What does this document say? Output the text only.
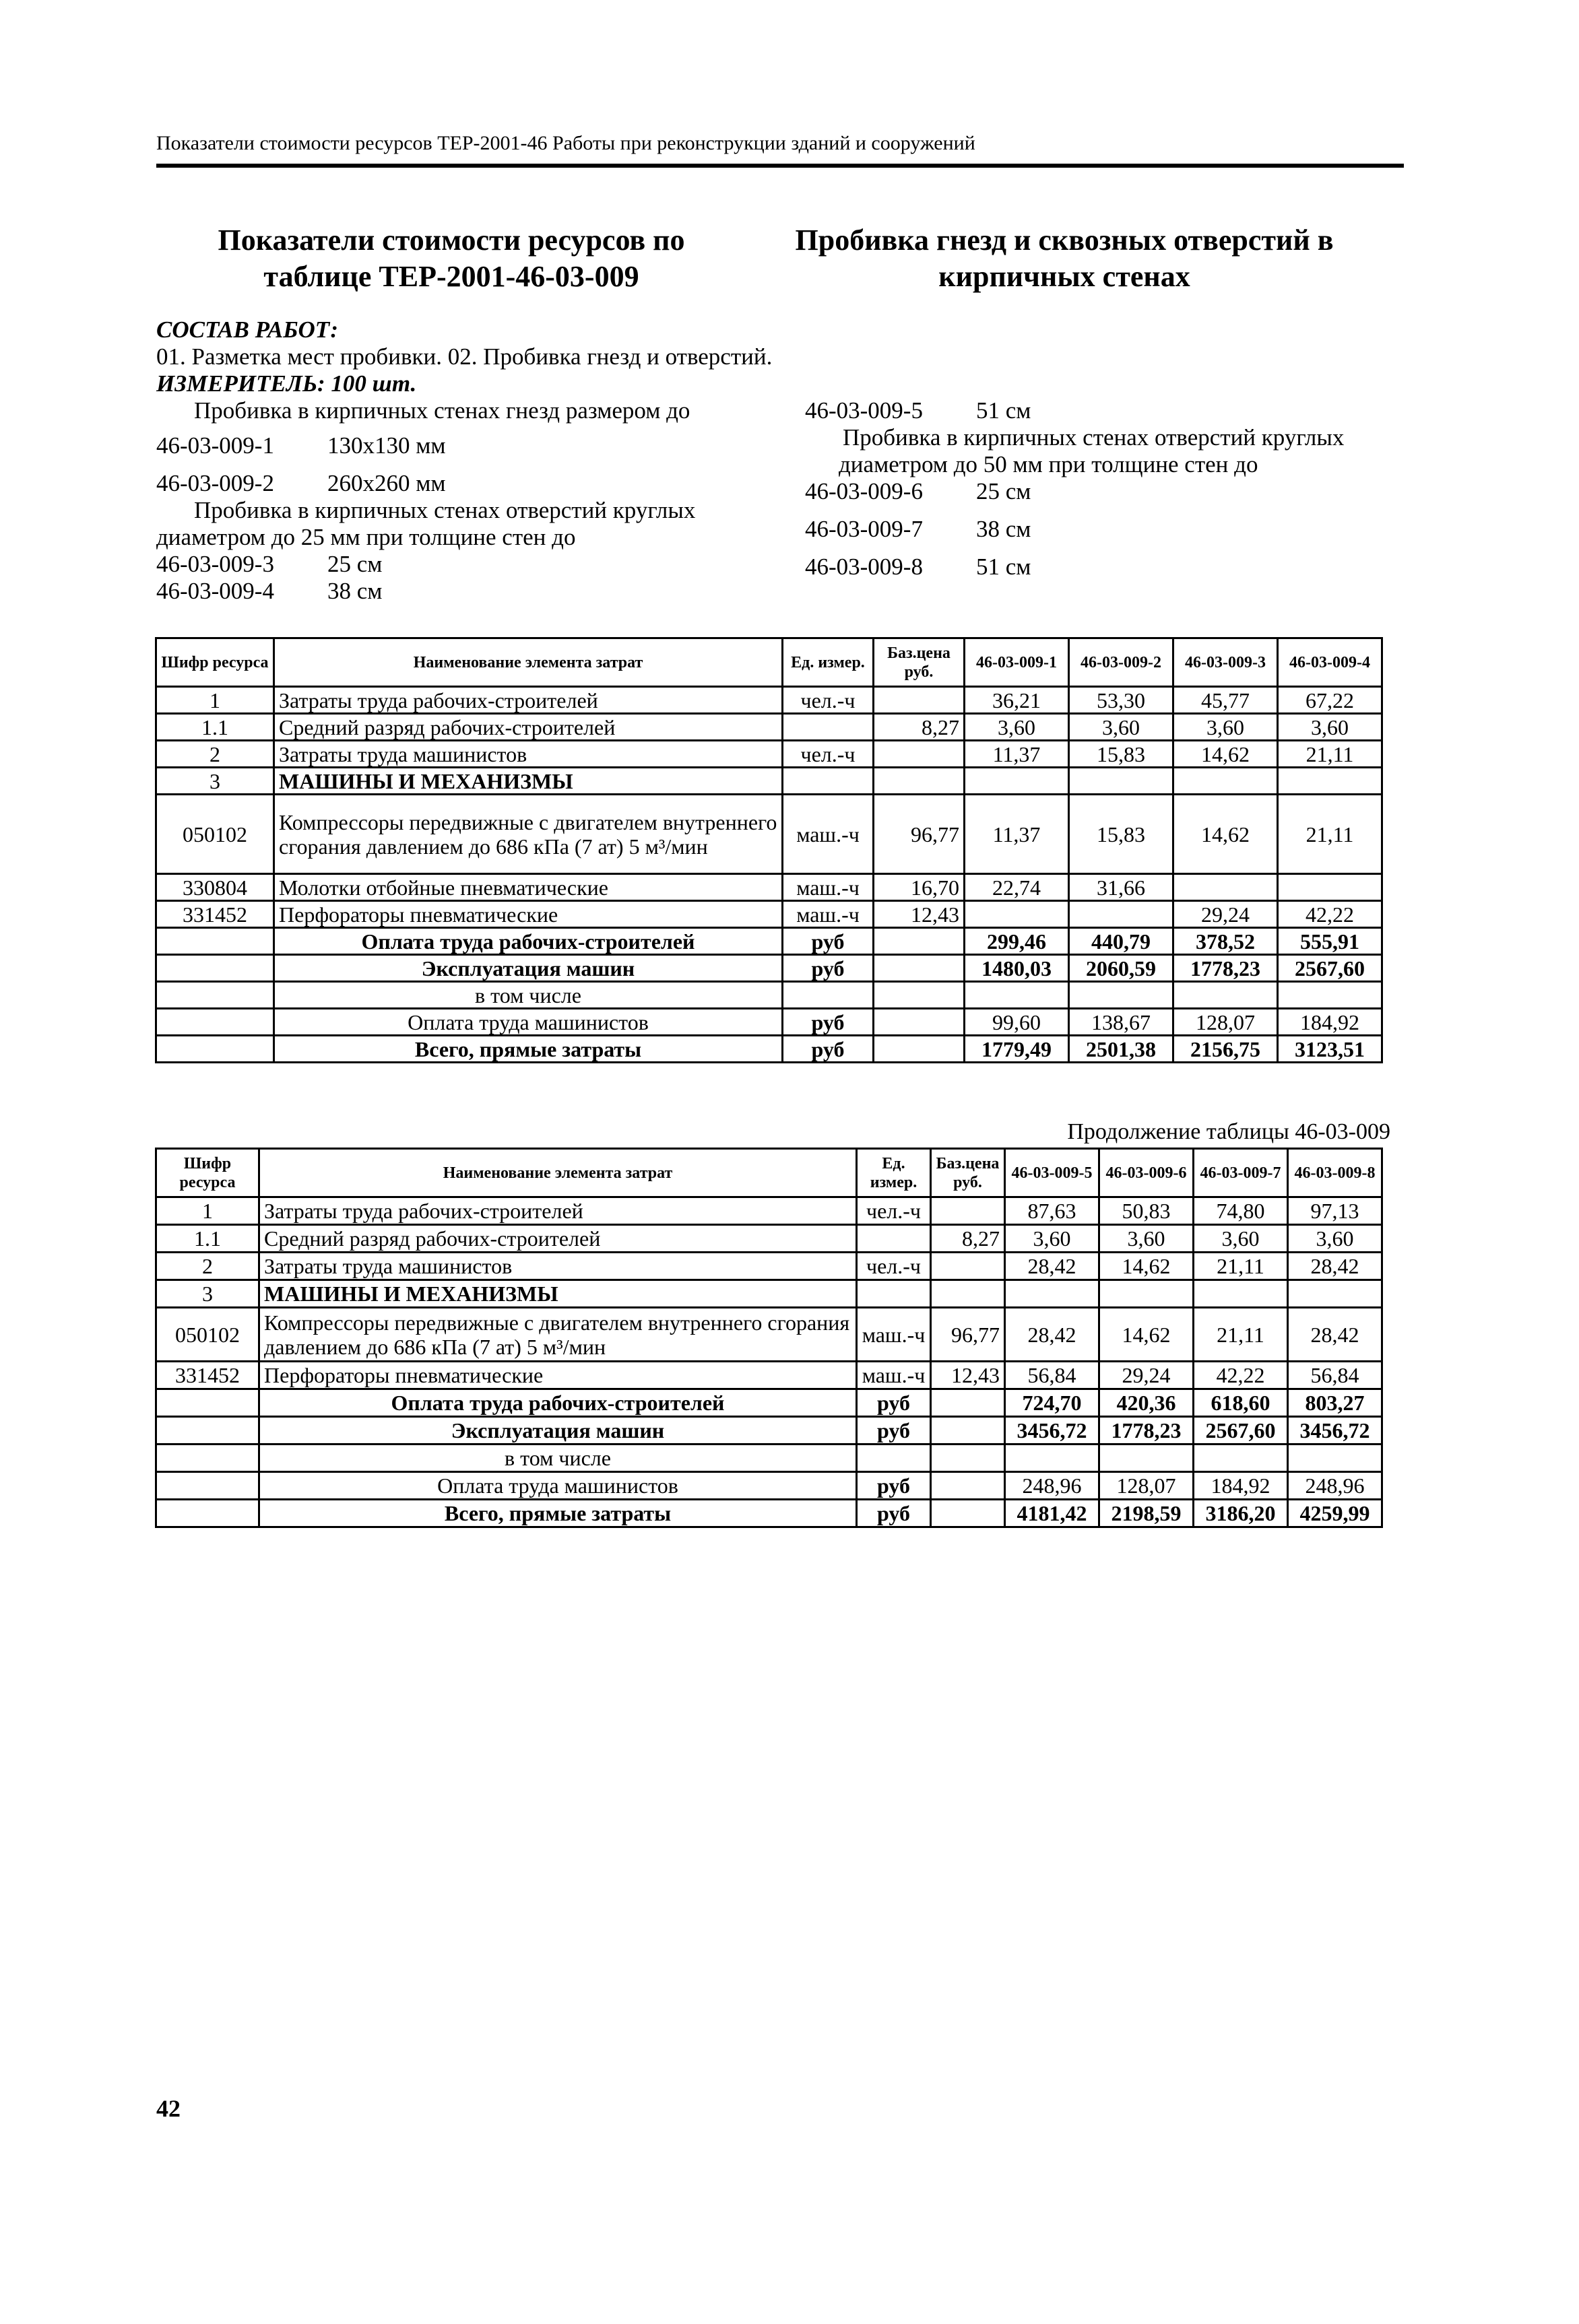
Показатели стоимости ресурсов ТЕР-2001-46 Работы при реконструкции зданий и сооружений
Показатели стоимости ресурсов по таблице ТЕР-2001-46-03-009
Пробивка гнезд и сквозных отверстий в кирпичных стенах
СОСТАВ РАБОТ:
01. Разметка мест пробивки. 02. Пробивка гнезд и отверстий.
ИЗМЕРИТЕЛЬ: 100 шт.
Пробивка в кирпичных стенах гнезд размером до
46-03-009-1 130x130 мм
46-03-009-2 260x260 мм
Пробивка в кирпичных стенах отверстий круглых
диаметром до 25 мм при толщине стен до
46-03-009-3 25 см
46-03-009-4 38 см
46-03-009-5 51 см
Пробивка в кирпичных стенах отверстий круглых
диаметром до 50 мм при толщине стен до
46-03-009-6 25 см
46-03-009-7 38 см
46-03-009-8 51 см
Шифр ресурса	Наименование элемента затрат	Ед. измер.	Баз.цена руб.	46-03-009-1	46-03-009-2	46-03-009-3	46-03-009-4
1	Затраты труда рабочих-строителей	чел.-ч		36,21	53,30	45,77	67,22
1.1	Средний разряд рабочих-строителей		8,27	3,60	3,60	3,60	3,60
2	Затраты труда машинистов	чел.-ч		11,37	15,83	14,62	21,11
3	МАШИНЫ И МЕХАНИЗМЫ						
050102	Компрессоры передвижные с двигателем внутреннего сгорания давлением до 686 кПа (7 ат) 5 м³/мин	маш.-ч	96,77	11,37	15,83	14,62	21,11
330804	Молотки отбойные пневматические	маш.-ч	16,70	22,74	31,66		
331452	Перфораторы пневматические	маш.-ч	12,43			29,24	42,22
	Оплата труда рабочих-строителей	руб		299,46	440,79	378,52	555,91
	Эксплуатация машин	руб		1480,03	2060,59	1778,23	2567,60
	в том числе						
	Оплата труда машинистов	руб		99,60	138,67	128,07	184,92
	Всего, прямые затраты	руб		1779,49	2501,38	2156,75	3123,51
Продолжение таблицы 46-03-009
Шифр ресурса	Наименование элемента затрат	Ед. измер.	Баз.цена руб.	46-03-009-5	46-03-009-6	46-03-009-7	46-03-009-8
1	Затраты труда рабочих-строителей	чел.-ч		87,63	50,83	74,80	97,13
1.1	Средний разряд рабочих-строителей		8,27	3,60	3,60	3,60	3,60
2	Затраты труда машинистов	чел.-ч		28,42	14,62	21,11	28,42
3	МАШИНЫ И МЕХАНИЗМЫ						
050102	Компрессоры передвижные с двигателем внутреннего сгорания давлением до 686 кПа (7 ат) 5 м³/мин	маш.-ч	96,77	28,42	14,62	21,11	28,42
331452	Перфораторы пневматические	маш.-ч	12,43	56,84	29,24	42,22	56,84
	Оплата труда рабочих-строителей	руб		724,70	420,36	618,60	803,27
	Эксплуатация машин	руб		3456,72	1778,23	2567,60	3456,72
	в том числе						
	Оплата труда машинистов	руб		248,96	128,07	184,92	248,96
	Всего, прямые затраты	руб		4181,42	2198,59	3186,20	4259,99
42
